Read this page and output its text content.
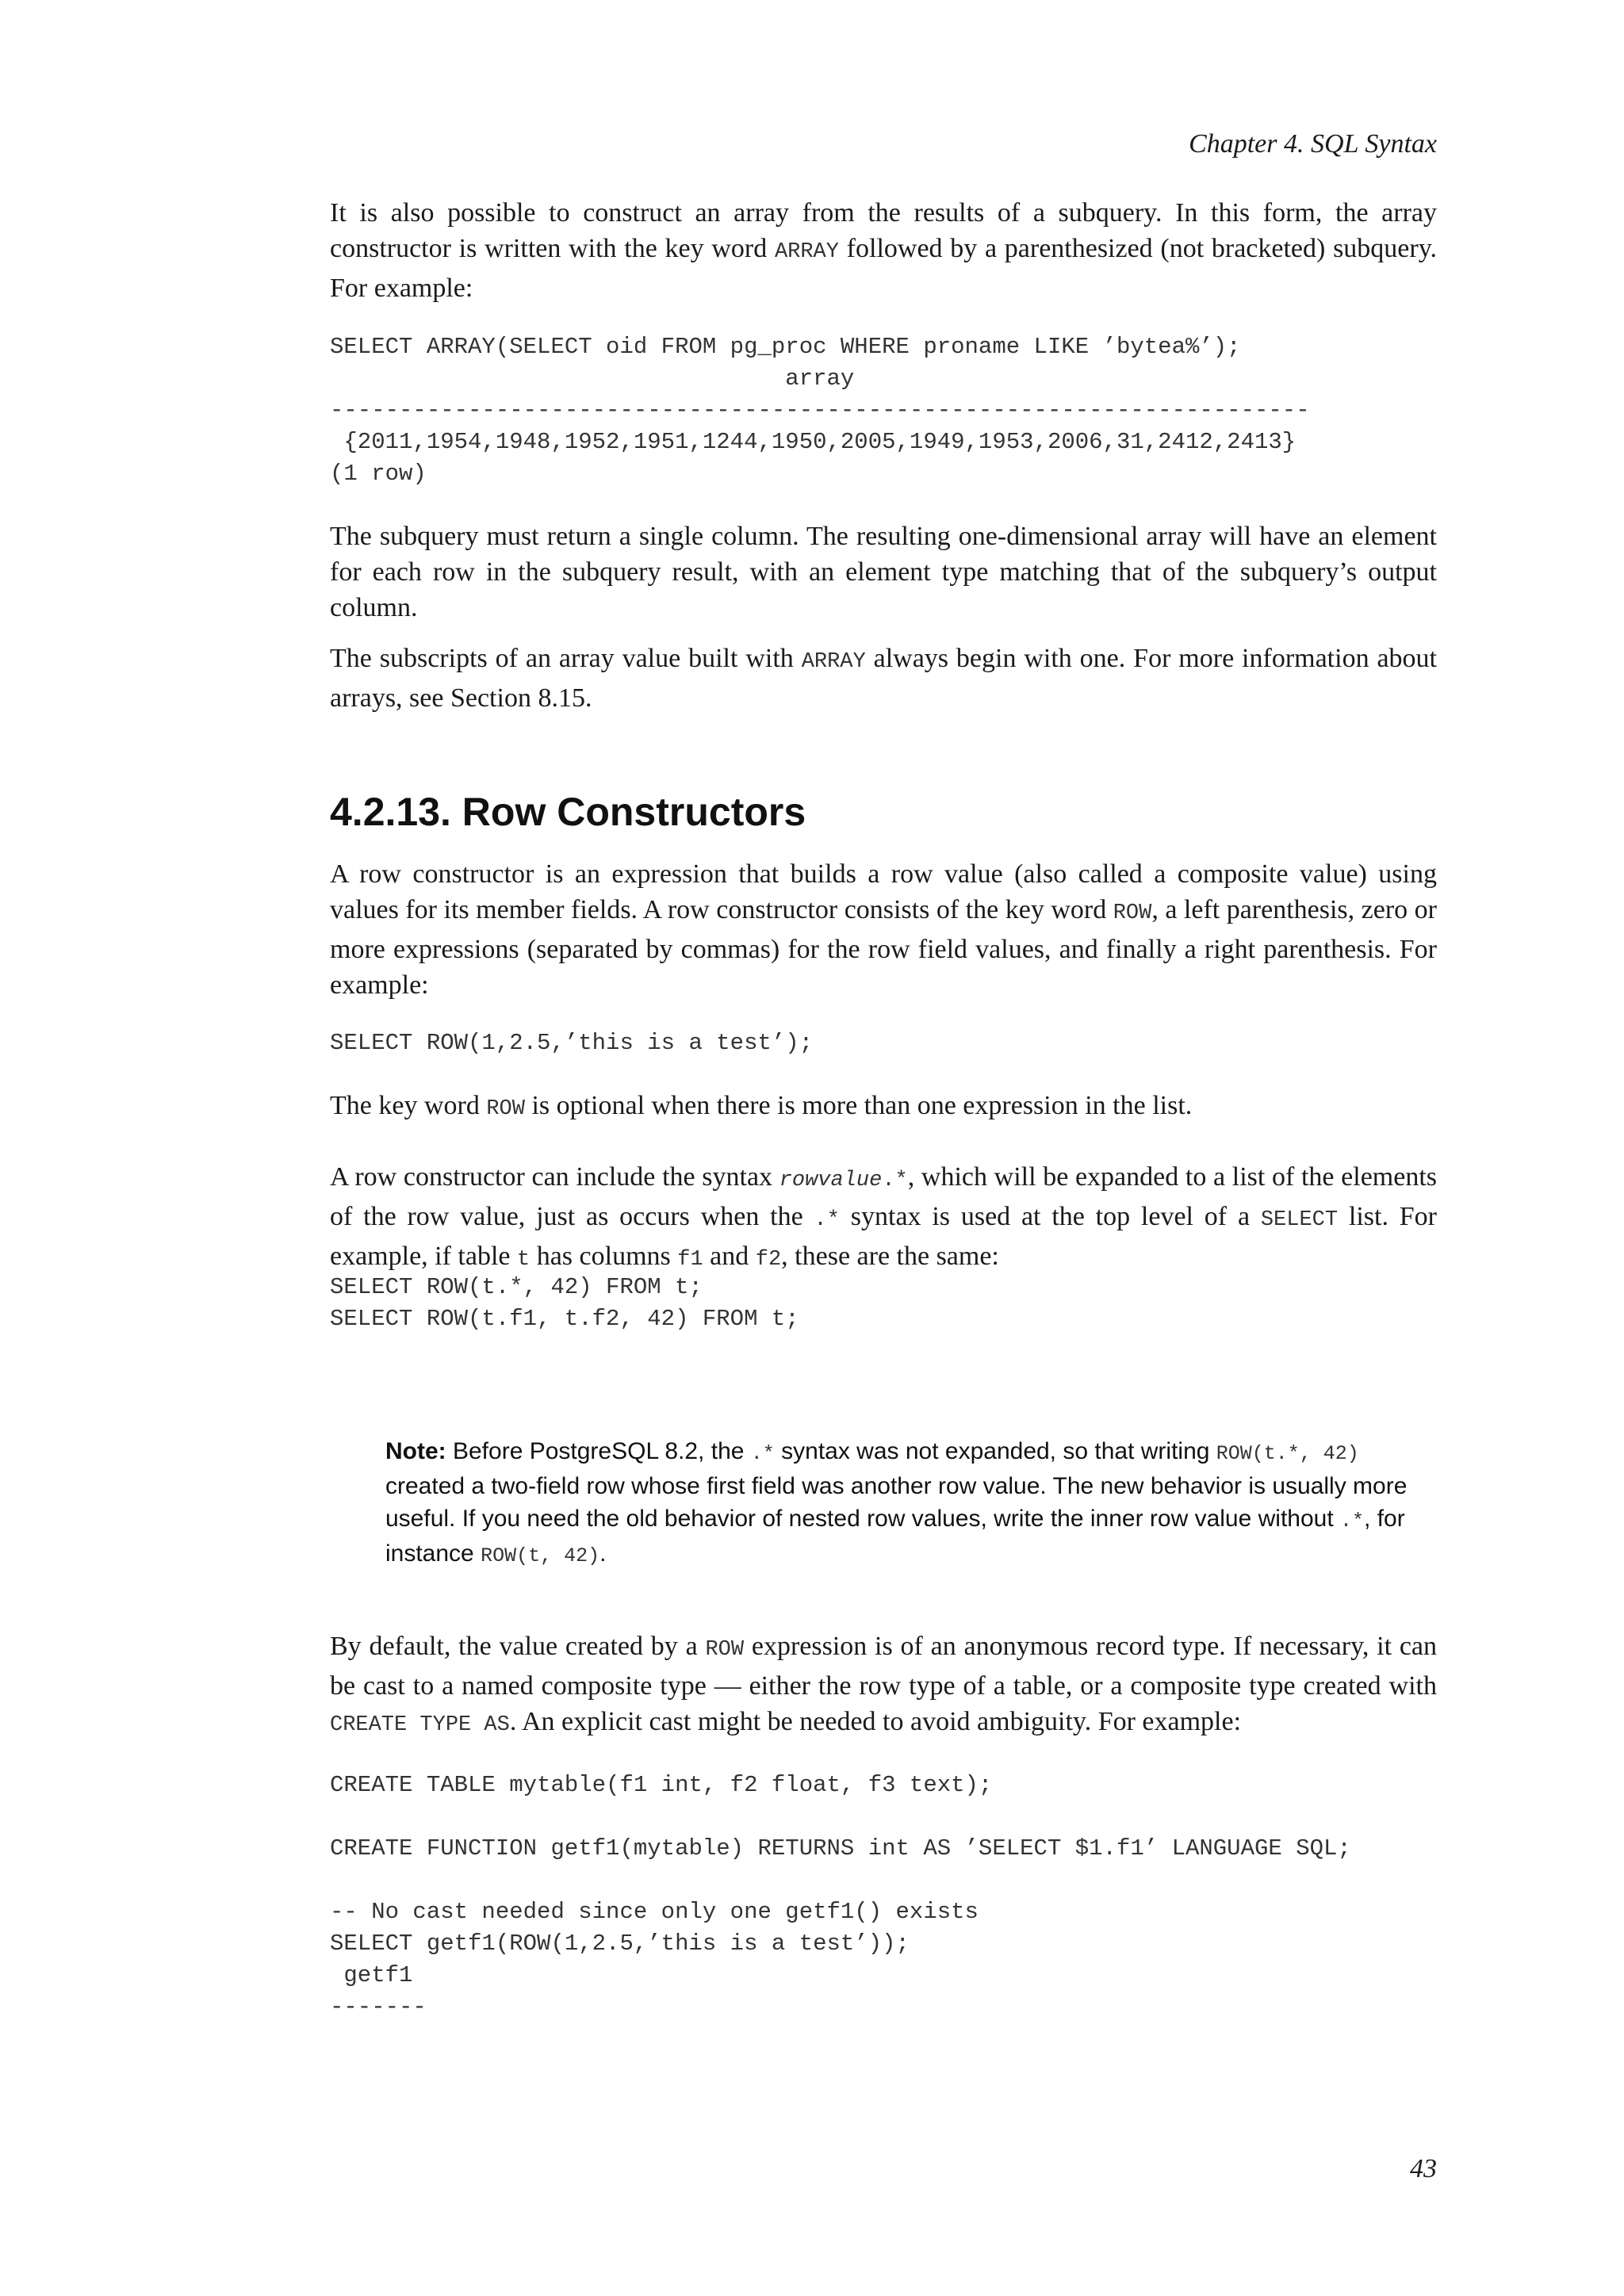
Chapter 4. SQL Syntax

It is also possible to construct an array from the results of a subquery. In this form, the array constructor is written with the key word ARRAY followed by a parenthesized (not bracketed) subquery. For example:

SELECT ARRAY(SELECT oid FROM pg_proc WHERE proname LIKE ’bytea%’);
array
-----------------------------------------------------------------------
{2011,1954,1948,1952,1951,1244,1950,2005,1949,1953,2006,31,2412,2413}
(1 row)

The subquery must return a single column. The resulting one-dimensional array will have an element for each row in the subquery result, with an element type matching that of the subquery’s output column.

The subscripts of an array value built with ARRAY always begin with one. For more information about arrays, see Section 8.15.

4.2.13. Row Constructors

A row constructor is an expression that builds a row value (also called a composite value) using values for its member fields. A row constructor consists of the key word ROW, a left parenthesis, zero or more expressions (separated by commas) for the row field values, and finally a right parenthesis. For example:

SELECT ROW(1,2.5,’this is a test’);

The key word ROW is optional when there is more than one expression in the list.

A row constructor can include the syntax rowvalue.*, which will be expanded to a list of the elements of the row value, just as occurs when the .* syntax is used at the top level of a SELECT list. For example, if table t has columns f1 and f2, these are the same:

SELECT ROW(t.*, 42) FROM t;
SELECT ROW(t.f1, t.f2, 42) FROM t;
Note: Before PostgreSQL 8.2, the .* syntax was not expanded, so that writing ROW(t.*, 42) created a two-field row whose first field was another row value. The new behavior is usually more useful. If you need the old behavior of nested row values, write the inner row value without .*, for instance ROW(t, 42).

By default, the value created by a ROW expression is of an anonymous record type. If necessary, it can be cast to a named composite type — either the row type of a table, or a composite type created with CREATE TYPE AS. An explicit cast might be needed to avoid ambiguity. For example:

CREATE TABLE mytable(f1 int, f2 float, f3 text);

CREATE FUNCTION getf1(mytable) RETURNS int AS ’SELECT $1.f1’ LANGUAGE SQL;

-- No cast needed since only one getf1() exists
SELECT getf1(ROW(1,2.5,’this is a test’));
getf1
-------
43
